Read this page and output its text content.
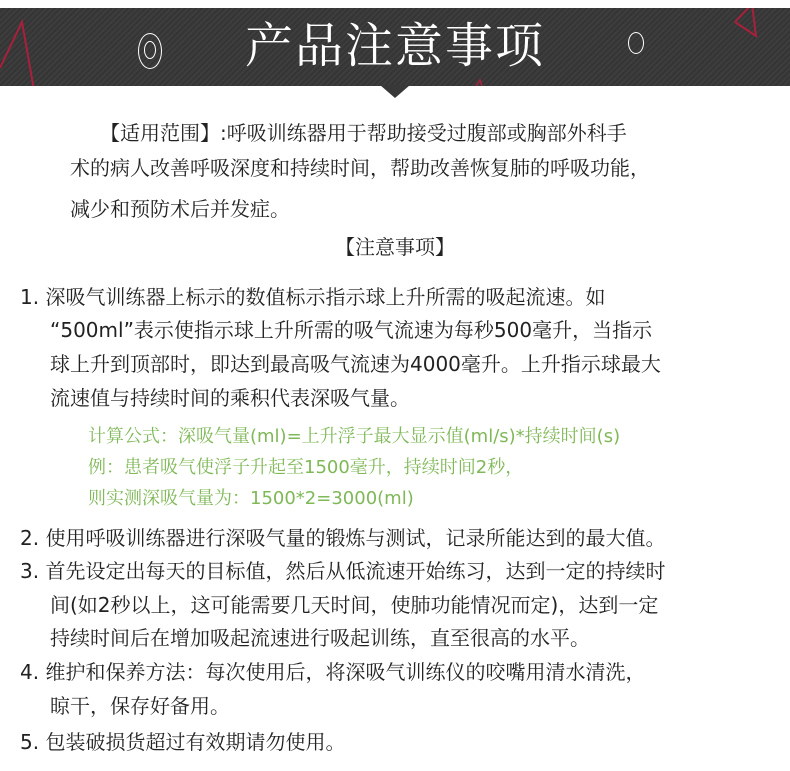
产品注意事项
【适用范围】:呼吸训练器用于帮助接受过腹部或胸部外科手
术的病人改善呼吸深度和持续时间，帮助改善恢复肺的呼吸功能，
减少和预防术后并发症。
【注意事项】
1. 深吸气训练器上标示的数值标示指示球上升所需的吸起流速。如
“500ml”表示使指示球上升所需的吸气流速为每秒500毫升，当指示
球上升到顶部时，即达到最高吸气流速为4000毫升。上升指示球最大
流速值与持续时间的乘积代表深吸气量。
计算公式：深吸气量(ml)=上升浮子最大显示值(ml/s)*持续时间(s)
例：患者吸气使浮子升起至1500毫升，持续时间2秒，
则实测深吸气量为：1500*2=3000(ml)
2. 使用呼吸训练器进行深吸气量的锻炼与测试，记录所能达到的最大值。
3. 首先设定出每天的目标值，然后从低流速开始练习，达到一定的持续时
间(如2秒以上，这可能需要几天时间，使肺功能情况而定)，达到一定
持续时间后在增加吸起流速进行吸起训练，直至很高的水平。
4. 维护和保养方法：每次使用后，将深吸气训练仪的咬嘴用清水清洗，
晾干，保存好备用。
5. 包装破损货超过有效期请勿使用。
